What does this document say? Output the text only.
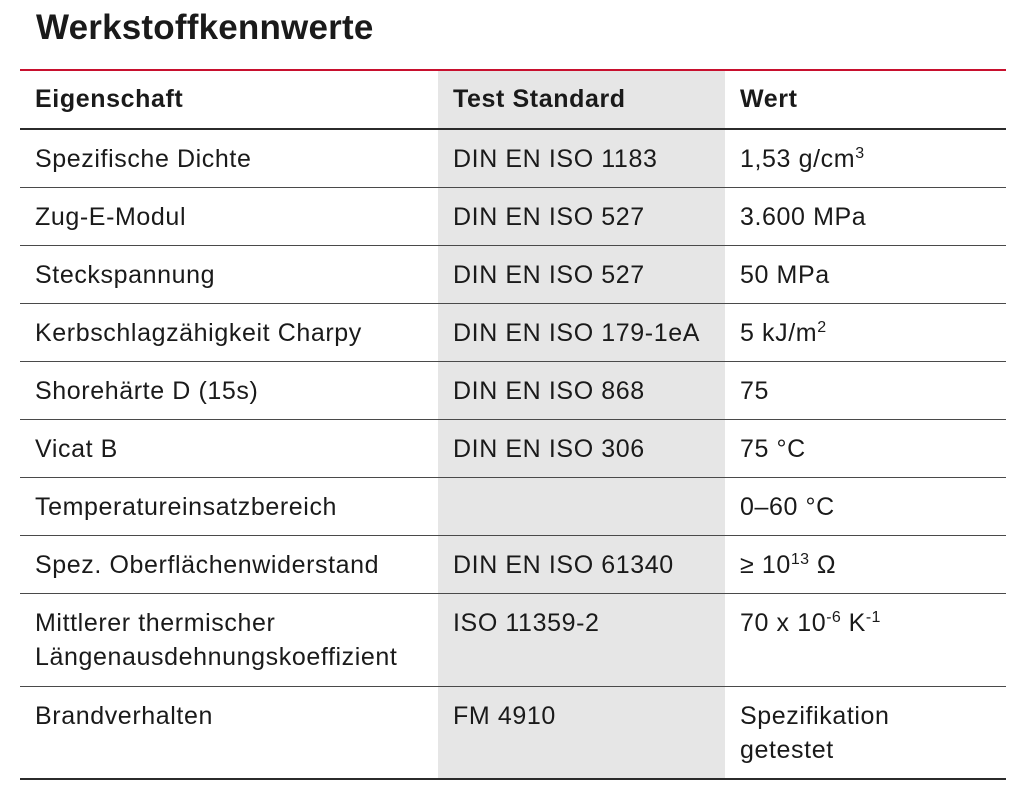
Werkstoffkennwerte
Eigenschaft	Test Standard	Wert
Spezifische Dichte	DIN EN ISO 1183	1,53 $g/cm^3$
Zug-E-Modul	DIN EN ISO 527	3.600 MPa
Steckspannung	DIN EN ISO 527	50 MPa
Kerbschlagzähigkeit Charpy	DIN EN ISO 179-1eA	5 $kJ/m^2$
Shorehärte D (15s)	DIN EN ISO 868	75
Vicat B	DIN EN ISO 306	75 °C
Temperatureinsatzbereich		0–60 °C
Spez. Oberflächenwiderstand	DIN EN ISO 61340	≥ $10^{13}$ Ω
Mittlerer thermischer
Längenausdehnungskoeffizient	ISO 11359-2	70 x $10^{-6}$ $K^{-1}$
Brandverhalten	FM 4910	Spezifikation
getestet
